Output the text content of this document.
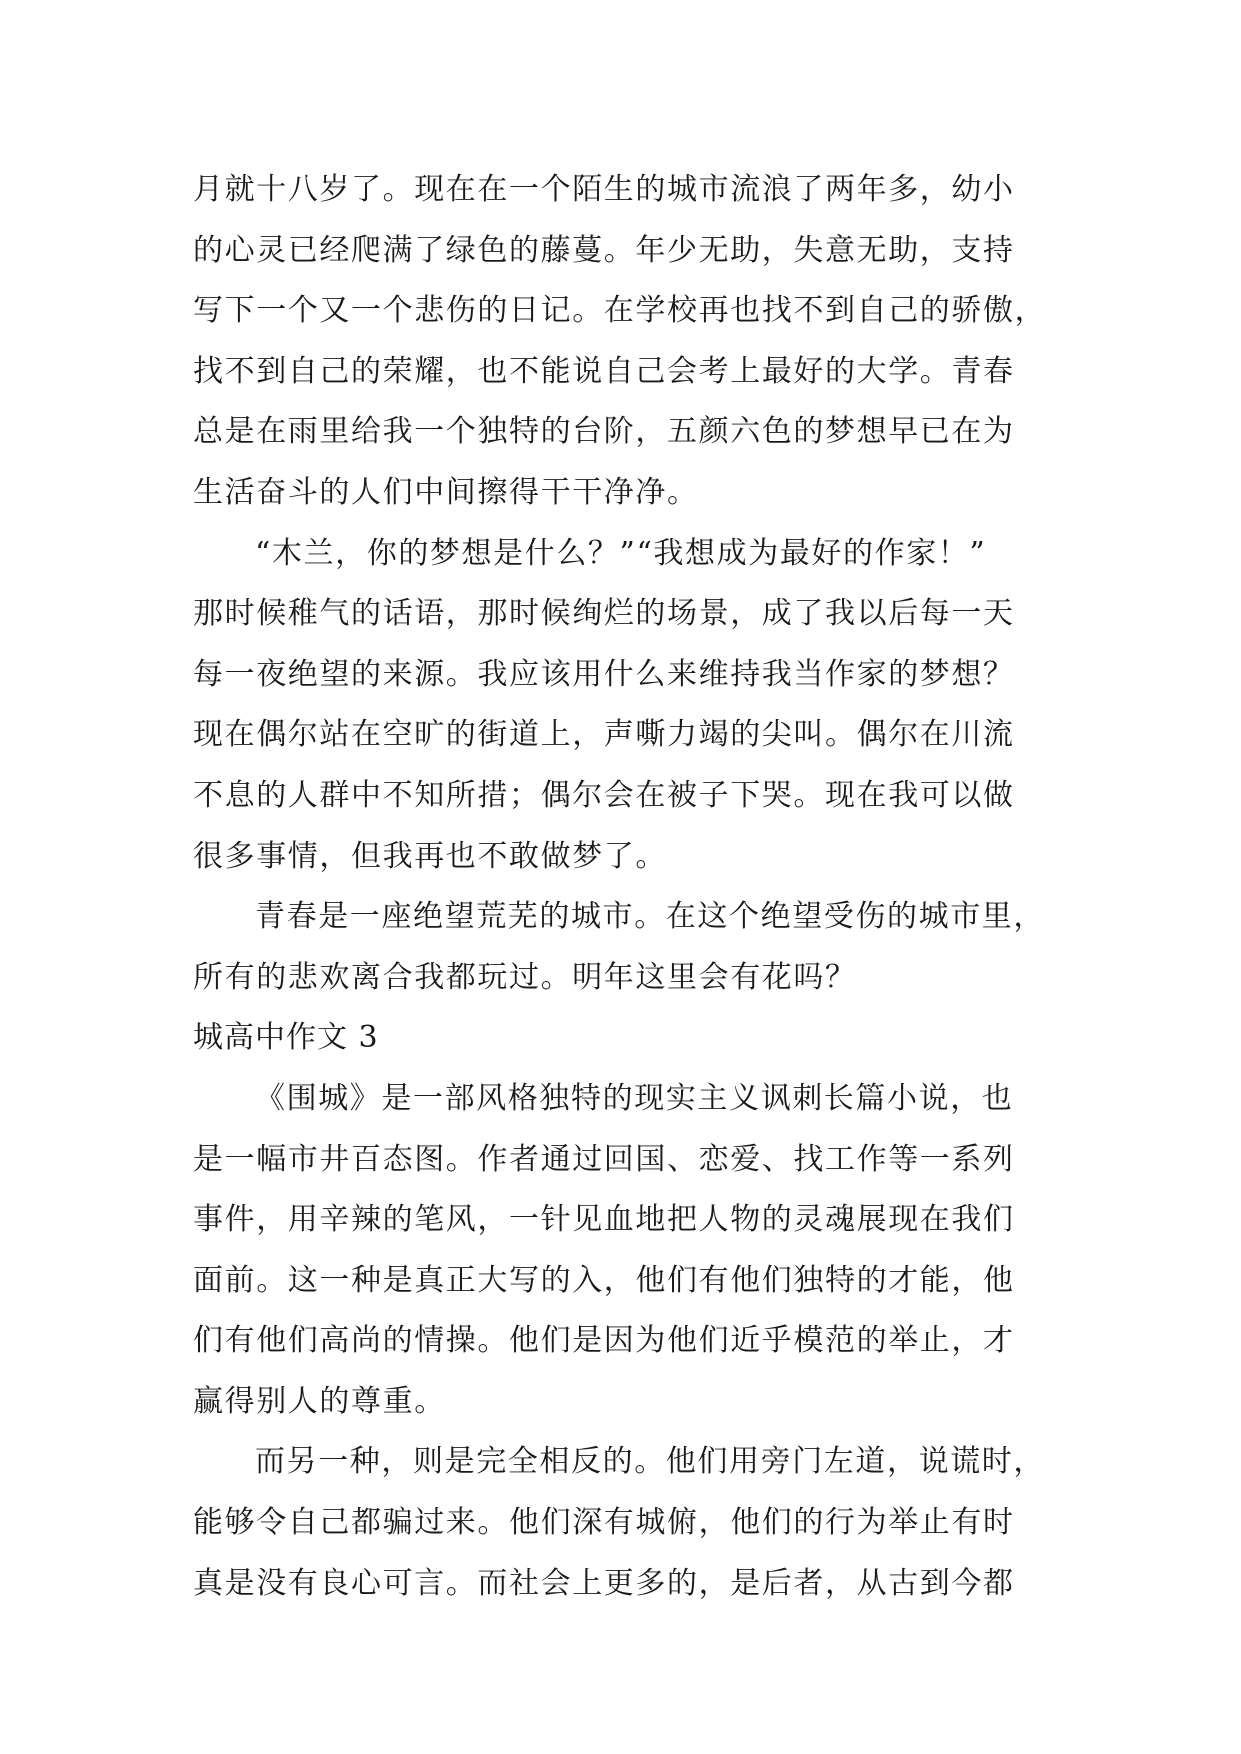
月就十八岁了。现在在一个陌生的城市流浪了两年多，幼小
的心灵已经爬满了绿色的藤蔓。年少无助，失意无助，支持
写下一个又一个悲伤的日记。在学校再也找不到自己的骄傲，
找不到自己的荣耀，也不能说自己会考上最好的大学。青春
总是在雨里给我一个独特的台阶，五颜六色的梦想早已在为
生活奋斗的人们中间擦得干干净净。
“木兰，你的梦想是什么？”“我想成为最好的作家！”
那时候稚气的话语，那时候绚烂的场景，成了我以后每一天
每一夜绝望的来源。我应该用什么来维持我当作家的梦想？
现在偶尔站在空旷的街道上，声嘶力竭的尖叫。偶尔在川流
不息的人群中不知所措；偶尔会在被子下哭。现在我可以做
很多事情，但我再也不敢做梦了。
青春是一座绝望荒芜的城市。在这个绝望受伤的城市里，
所有的悲欢离合我都玩过。明年这里会有花吗？
城高中作文 3
《围城》是一部风格独特的现实主义讽刺长篇小说，也
是一幅市井百态图。作者通过回国、恋爱、找工作等一系列
事件，用辛辣的笔风，一针见血地把人物的灵魂展现在我们
面前。这一种是真正大写的入，他们有他们独特的才能，他
们有他们高尚的情操。他们是因为他们近乎模范的举止，才
赢得别人的尊重。
而另一种，则是完全相反的。他们用旁门左道，说谎时，
能够令自己都骗过来。他们深有城俯，他们的行为举止有时
真是没有良心可言。而社会上更多的，是后者，从古到今都
